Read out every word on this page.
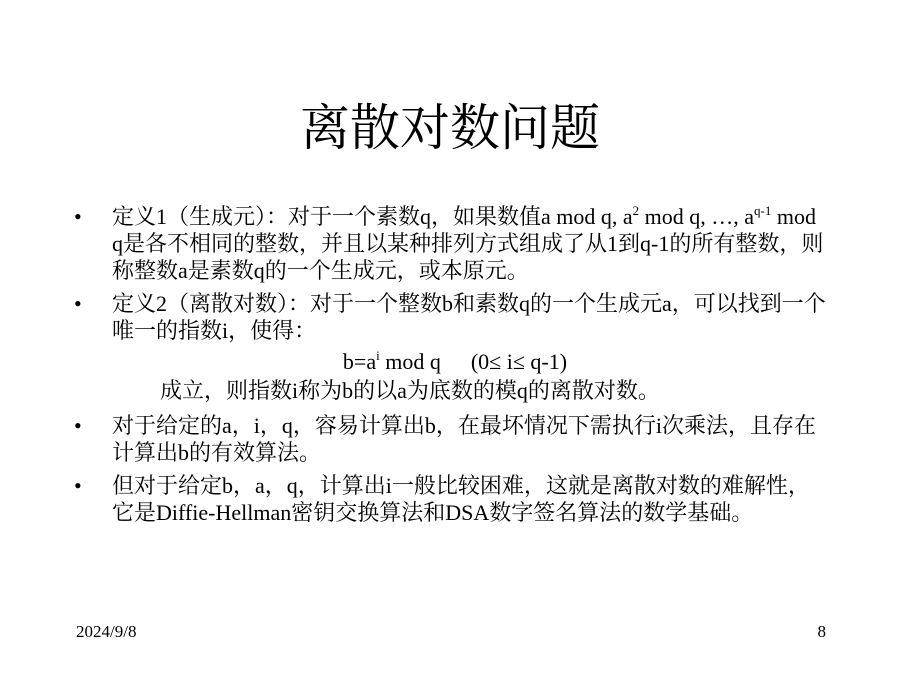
离散对数问题
• 定义1（生成元）：对于一个素数q，如果数值a mod q, $a^2$ mod q, …, $a^{q-1}$ mod q是各不相同的整数，并且以某种排列方式组成了从1到q-1的所有整数，则称整数a是素数q的一个生成元，或本原元。
• 定义2（离散对数）：对于一个整数b和素数q的一个生成元a，可以找到一个唯一的指数i，使得：
$b=a^i$ mod q (0≤ i≤ q-1)
成立，则指数i称为b的以a为底数的模q的离散对数。
• 对于给定的a，i，q，容易计算出b，在最坏情况下需执行i次乘法，且存在计算出b的有效算法。
• 但对于给定b，a，q，计算出i一般比较困难，这就是离散对数的难解性，它是Diffie-Hellman密钥交换算法和DSA数字签名算法的数学基础。
2024/9/8	8
